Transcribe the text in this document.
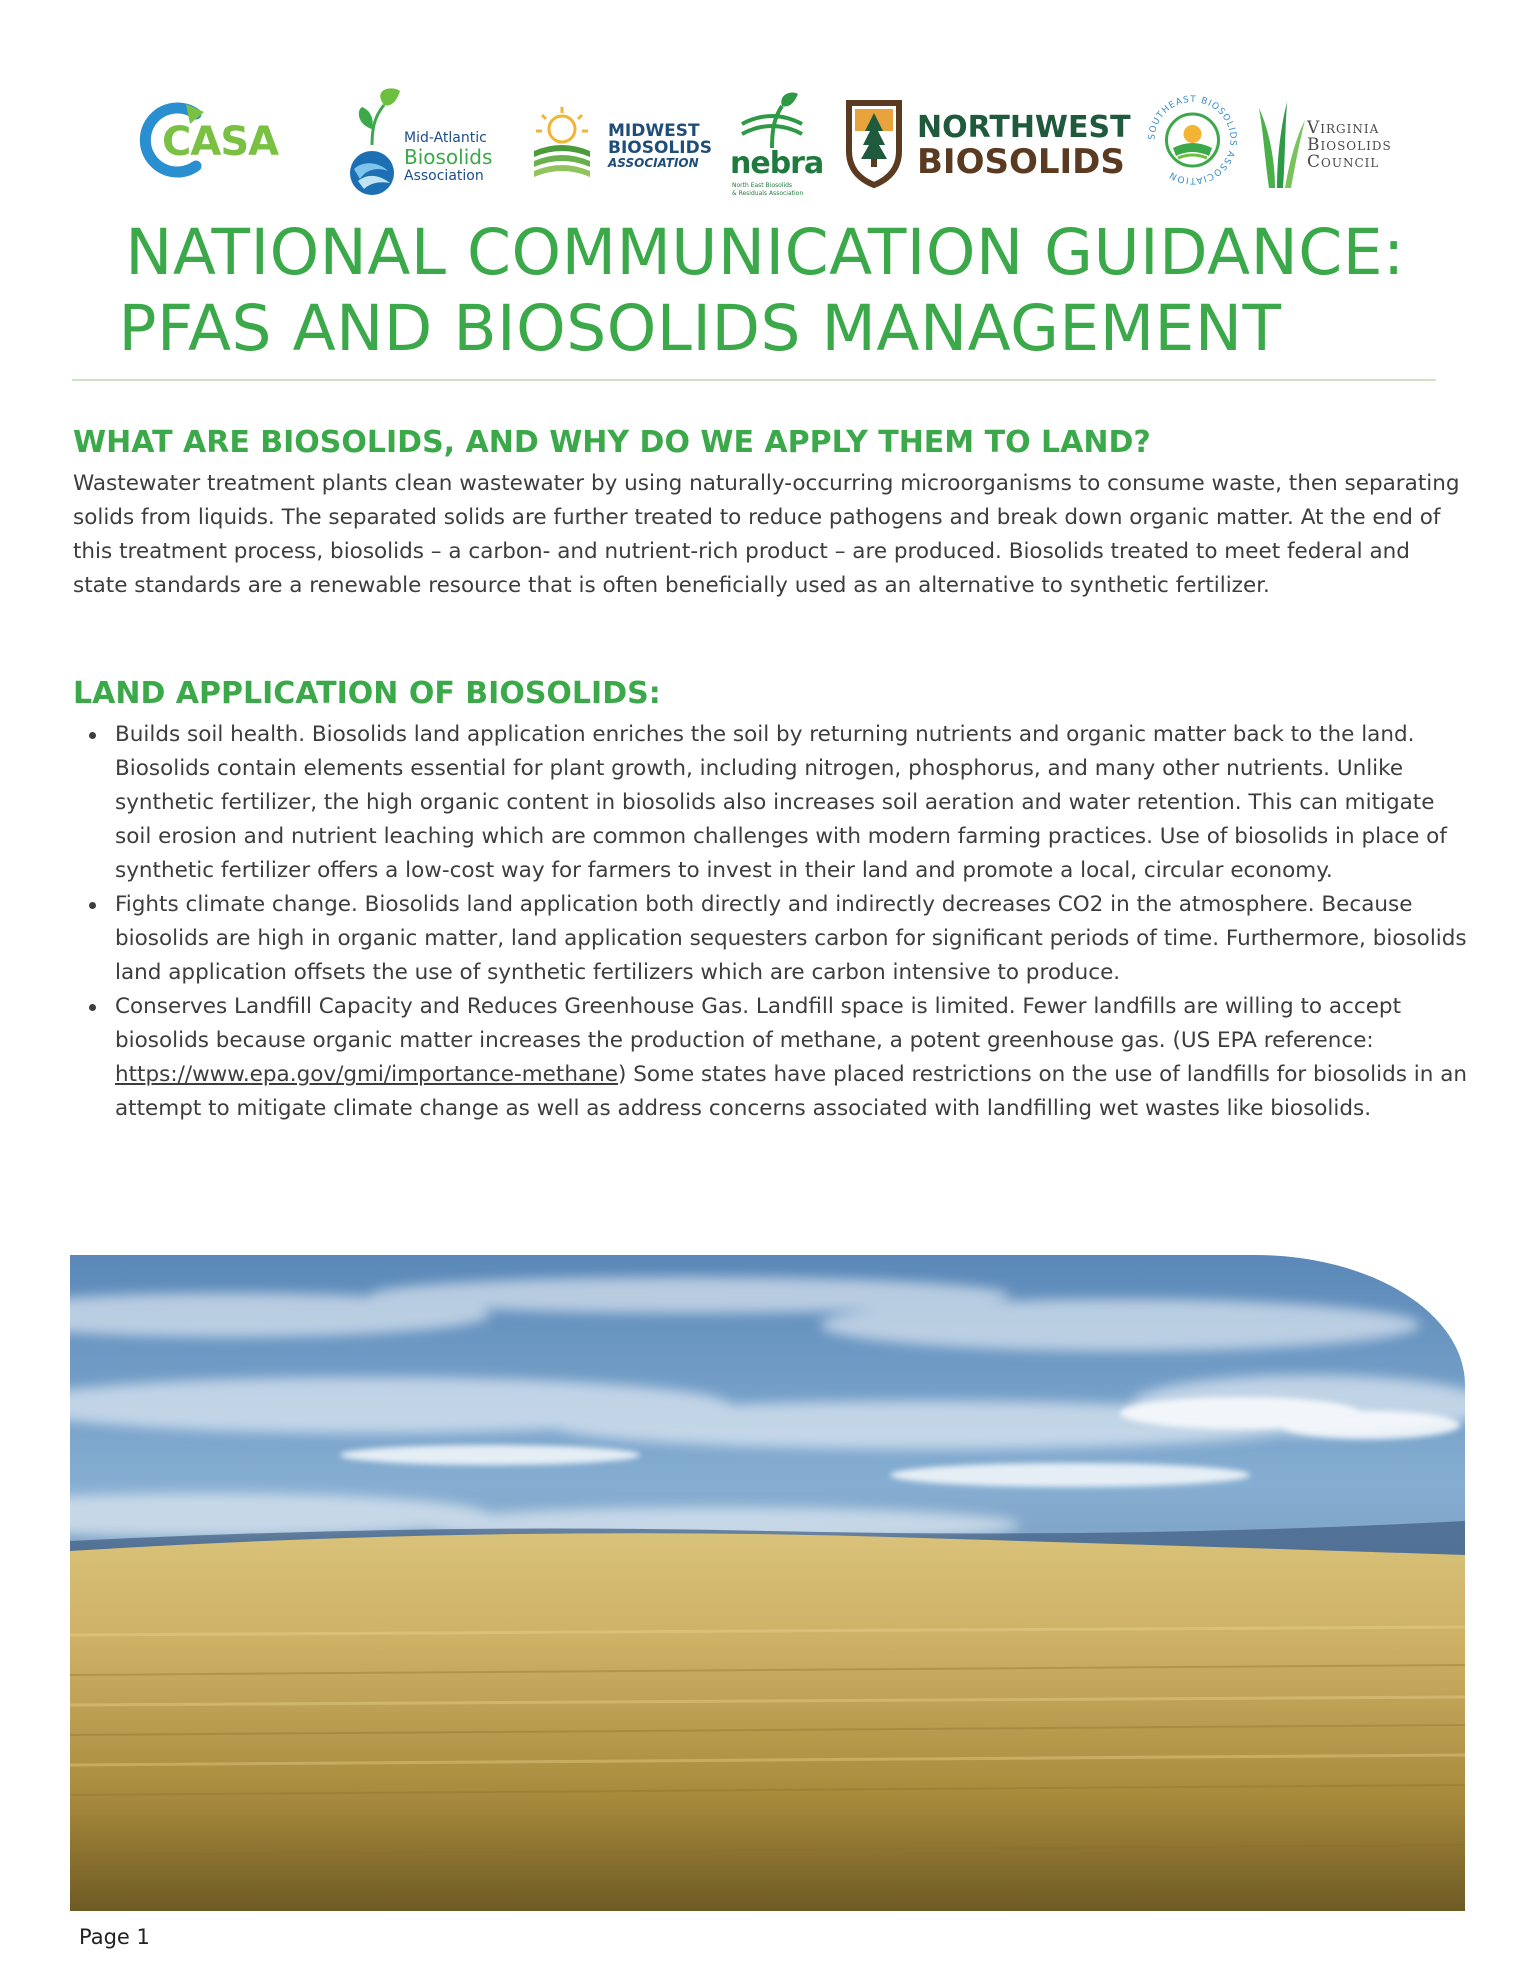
CASA	Mid-Atlantic
Biosolids
Association
MIDWEST
BIOSOLIDS
ASSOCIATION	nebra
North East Biosolids
& Residuals Association
NORTHWEST
BIOSOLIDS
SOUTHEAST BIOSOLIDS ASSOCIATION
Virginia
Biosolids
Council
NATIONAL COMMUNICATION GUIDANCE:
PFAS AND BIOSOLIDS MANAGEMENT
WHAT ARE BIOSOLIDS, AND WHY DO WE APPLY THEM TO LAND?

Wastewater treatment plants clean wastewater by using naturally-occurring microorganisms to consume waste, then separating solids from liquids. The separated solids are further treated to reduce pathogens and break down organic matter. At the end of this treatment process, biosolids – a carbon- and nutrient-rich product – are produced. Biosolids treated to meet federal and state standards are a renewable resource that is often beneficially used as an alternative to synthetic fertilizer.

LAND APPLICATION OF BIOSOLIDS:
Builds soil health. Biosolids land application enriches the soil by returning nutrients and organic matter back to the land. Biosolids contain elements essential for plant growth, including nitrogen, phosphorus, and many other nutrients. Unlike synthetic fertilizer, the high organic content in biosolids also increases soil aeration and water retention. This can mitigate soil erosion and nutrient leaching which are common challenges with modern farming practices. Use of biosolids in place of synthetic fertilizer offers a low-cost way for farmers to invest in their land and promote a local, circular economy.
Fights climate change. Biosolids land application both directly and indirectly decreases CO2 in the atmosphere. Because biosolids are high in organic matter, land application sequesters carbon for significant periods of time. Furthermore, biosolids land application offsets the use of synthetic fertilizers which are carbon intensive to produce.
Conserves Landfill Capacity and Reduces Greenhouse Gas. Landfill space is limited. Fewer landfills are willing to accept biosolids because organic matter increases the production of methane, a potent greenhouse gas. (US EPA reference: https://www.epa.gov/gmi/importance-methane) Some states have placed restrictions on the use of landfills for biosolids in an attempt to mitigate climate change as well as address concerns associated with landfilling wet wastes like biosolids.
Page 1
